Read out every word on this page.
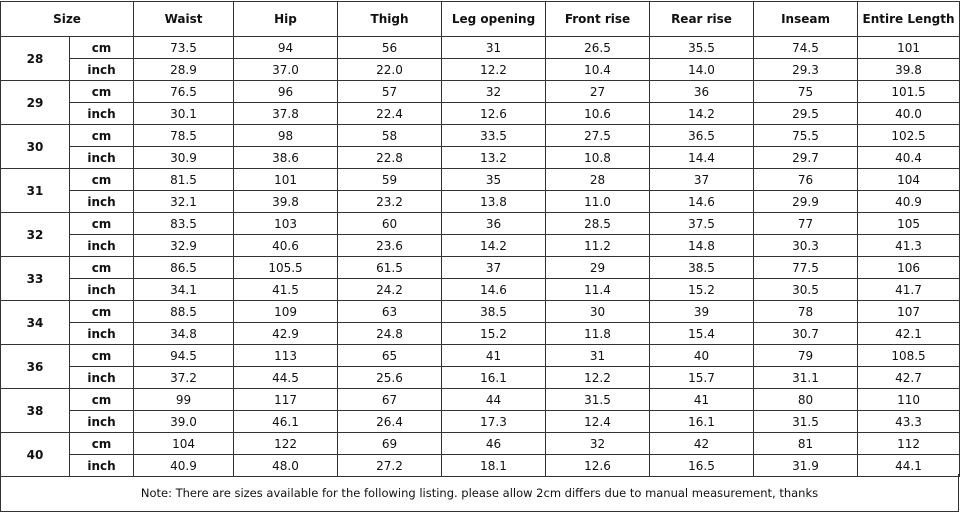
Size		Waist	Hip	Thigh	Leg opening	Front rise	Rear rise	Inseam	Entire Length
28	cm	73.5	94	56	31	26.5	35.5	74.5	101
	inch	28.9	37.0	22.0	12.2	10.4	14.0	29.3	39.8
29	cm	76.5	96	57	32	27	36	75	101.5
	inch	30.1	37.8	22.4	12.6	10.6	14.2	29.5	40.0
30	cm	78.5	98	58	33.5	27.5	36.5	75.5	102.5
	inch	30.9	38.6	22.8	13.2	10.8	14.4	29.7	40.4
31	cm	81.5	101	59	35	28	37	76	104
	inch	32.1	39.8	23.2	13.8	11.0	14.6	29.9	40.9
32	cm	83.5	103	60	36	28.5	37.5	77	105
	inch	32.9	40.6	23.6	14.2	11.2	14.8	30.3	41.3
33	cm	86.5	105.5	61.5	37	29	38.5	77.5	106
	inch	34.1	41.5	24.2	14.6	11.4	15.2	30.5	41.7
34	cm	88.5	109	63	38.5	30	39	78	107
	inch	34.8	42.9	24.8	15.2	11.8	15.4	30.7	42.1
36	cm	94.5	113	65	41	31	40	79	108.5
	inch	37.2	44.5	25.6	16.1	12.2	15.7	31.1	42.7
38	cm	99	117	67	44	31.5	41	80	110
	inch	39.0	46.1	26.4	17.3	12.4	16.1	31.5	43.3
40	cm	104	122	69	46	32	42	81	112
	inch	40.9	48.0	27.2	18.1	12.6	16.5	31.9	44.1
Note: There are sizes available for the following listing. please allow 2cm differs due to manual measurement, thanks
